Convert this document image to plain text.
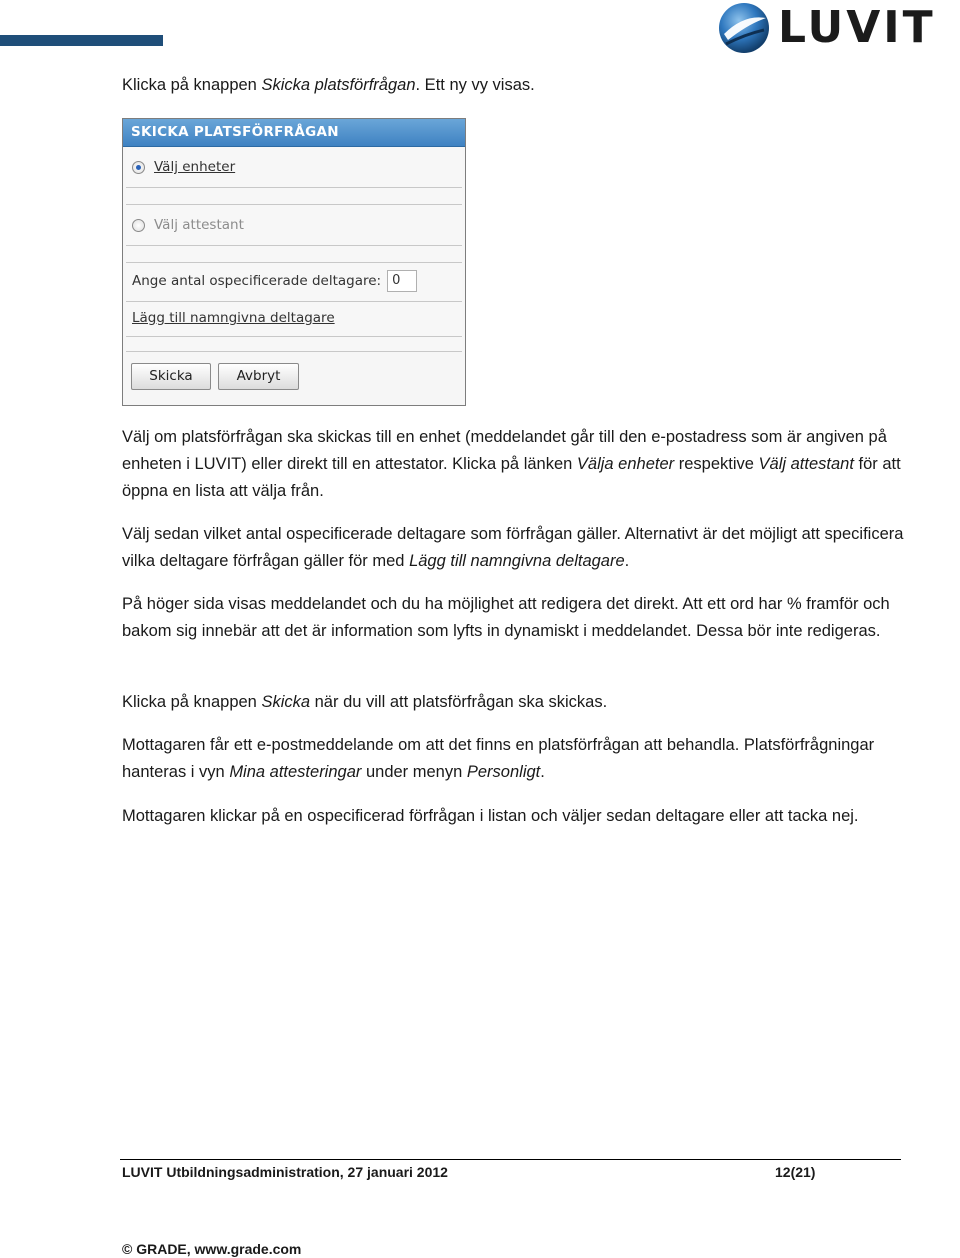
LUVIT

Klicka på knappen Skicka platsförfrågan. Ett ny vy visas.

SKICKA PLATSFÖRFRÅGAN
Välj enheter
Välj attestant
Ange antal ospecificerade deltagare: 0
Lägg till namngivna deltagare
Skicka	Avbryt

Välj om platsförfrågan ska skickas till en enhet (meddelandet går till den e-postadress som är angiven på enheten i LUVIT) eller direkt till en attestator. Klicka på länken Välja enheter respektive Välj attestant för att öppna en lista att välja från.

Välj sedan vilket antal ospecificerade deltagare som förfrågan gäller. Alternativt är det möjligt att specificera vilka deltagare förfrågan gäller för med Lägg till namngivna deltagare.

På höger sida visas meddelandet och du ha möjlighet att redigera det direkt. Att ett ord har % framför och bakom sig innebär att det är information som lyfts in dynamiskt i meddelandet. Dessa bör inte redigeras.

Klicka på knappen Skicka när du vill att platsförfrågan ska skickas.

Mottagaren får ett e-postmeddelande om att det finns en platsförfrågan att behandla. Platsförfrågningar hanteras i vyn Mina attesteringar under menyn Personligt.

Mottagaren klickar på en ospecificerad förfrågan i listan och väljer sedan deltagare eller att tacka nej.

LUVIT Utbildningsadministration, 27 januari 2012	12(21)
© GRADE, www.grade.com
